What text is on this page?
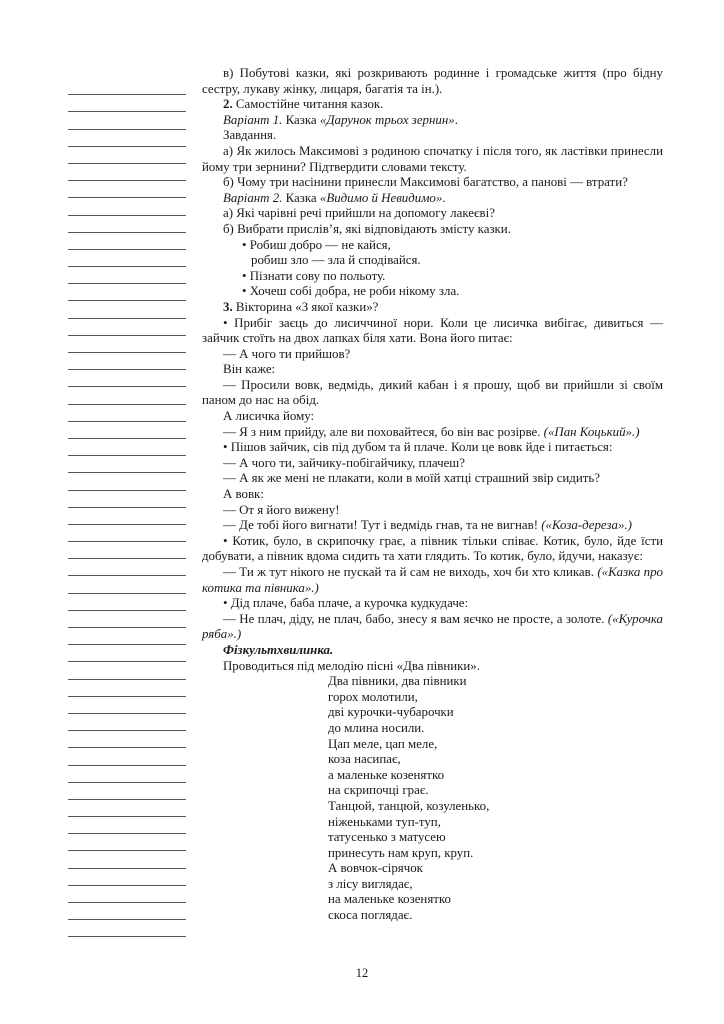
в) Побутові казки, які розкривають родинне і громадське життя (про бідну сестру, лукаву жінку, лицаря, багатія та ін.).

2. Самостійне читання казок.

Варіант 1. Казка «Дарунок трьох зернин».

Завдання.

а) Як жилось Максимові з родиною спочатку і після того, як ластівки принесли йому три зернини? Підтвердити словами тексту.

б) Чому три насінини принесли Максимові багатство, а панові — втрати?

Варіант 2. Казка «Видимо й Невидимо».

а) Які чарівні речі прийшли на допомогу лакеєві?

б) Вибрати прислів’я, які відповідають змісту казки.

• Робиш добро — не кайся,

робиш зло — зла й сподівайся.

• Пізнати сову по польоту.

• Хочеш собі добра, не роби нікому зла.

3. Вікторина «З якої казки»?

• Прибіг заєць до лисиччиної нори. Коли це лисичка вибігає, дивиться — зайчик стоїть на двох лапках біля хати. Вона його питає:

— А чого ти прийшов?

Він каже:

— Просили вовк, ведмідь, дикий кабан і я прошу, щоб ви прийшли зі своїм паном до нас на обід.

А лисичка йому:

— Я з ним прийду, але ви поховайтеся, бо він вас розірве. («Пан Коцький».)

• Пішов зайчик, сів під дубом та й плаче. Коли це вовк йде і питається:

— А чого ти, зайчику-побігайчику, плачеш?

— А як же мені не плакати, коли в моїй хатці страшний звір сидить?

А вовк:

— От я його вижену!

— Де тобі його вигнати! Тут і ведмідь гнав, та не вигнав! («Коза-дереза».)

• Котик, було, в скрипочку грає, а півник тільки співає. Котик, було, йде їсти добувати, а півник вдома сидить та хати глядить. То котик, було, йдучи, наказує:

— Ти ж тут нікого не пускай та й сам не виходь, хоч би хто кликав. («Казка про котика та півника».)

• Дід плаче, баба плаче, а курочка кудкудаче:

— Не плач, діду, не плач, бабо, знесу я вам яєчко не просте, а золоте. («Курочка ряба».)

Фізкультхвилинка.

Проводиться під мелодію пісні «Два півники».

Два півники, два півники

горох молотили,

дві курочки-чубарочки

до млина носили.

Цап меле, цап меле,

коза насипає,

а маленьке козенятко

на скрипочці грає.

Танцюй, танцюй, козуленько,

ніженьками туп-туп,

татусенько з матусею

принесуть нам круп, круп.

А вовчок-сірячок

з лісу виглядає,

на маленьке козенятко

скоса поглядає.

12
